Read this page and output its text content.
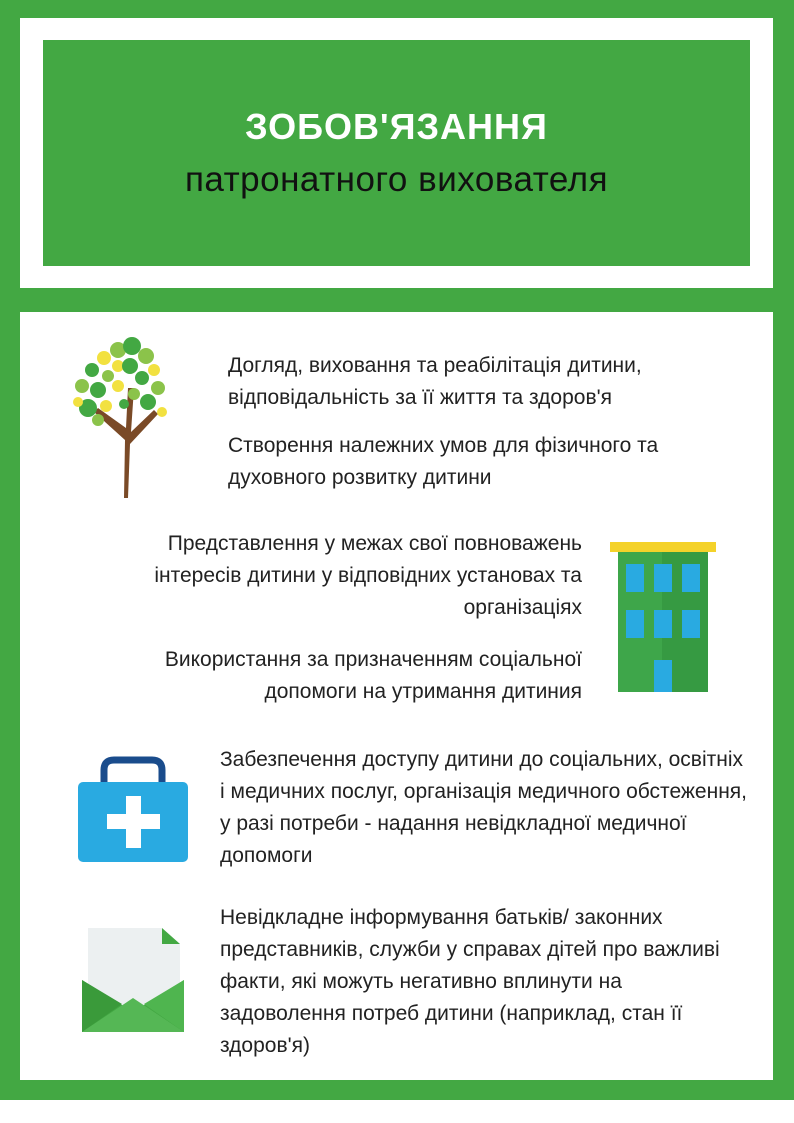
ЗОБОВ'ЯЗАННЯ
патронатного вихователя

Догляд, виховання та реабілітація дитини, відповідальність за її життя та здоров'я

Створення належних умов для фізичного та духовного розвитку дитини

Представлення у межах свої повноважень інтересів дитини у відповідних установах та організаціях

Використання за призначенням соціальної допомоги на утримання дитиния

Забезпечення доступу дитини до соціальних, освітніх і медичних послуг, організація медичного обстеження, у разі потреби - надання невідкладної медичної допомоги

Невідкладне інформування батьків/ законних представників, служби у справах дітей про важливі факти, які можуть негативно вплинути на задоволення потреб дитини (наприклад, стан її здоров'я)
